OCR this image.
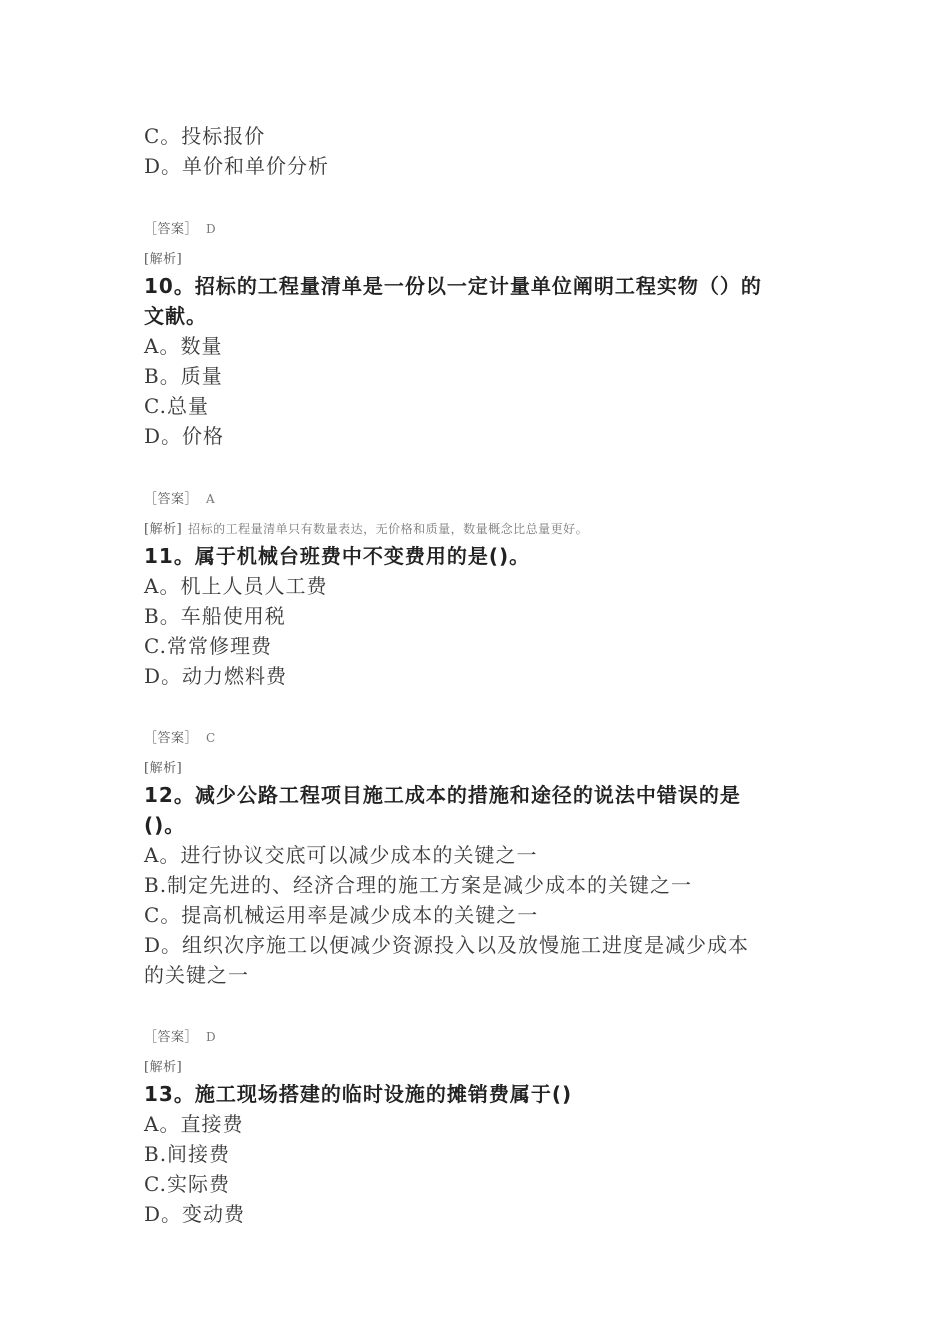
C。投标报价
D。单价和单价分析
［答案］ D
[解析]
10。招标的工程量清单是一份以一定计量单位阐明工程实物（）的
文献。
A。数量
B。质量
C.总量
D。价格
［答案］ A
[解析] 招标的工程量清单只有数量表达，无价格和质量，数量概念比总量更好。
11。属于机械台班费中不变费用的是()。
A。机上人员人工费
B。车船使用税
C.常常修理费
D。动力燃料费
［答案］ C
[解析]
12。减少公路工程项目施工成本的措施和途径的说法中错误的是
()。
A。进行协议交底可以减少成本的关键之一
B.制定先进的、经济合理的施工方案是减少成本的关键之一
C。提高机械运用率是减少成本的关键之一
D。组织次序施工以便减少资源投入以及放慢施工进度是减少成本
的关键之一
［答案］ D
[解析]
13。施工现场搭建的临时设施的摊销费属于()
A。直接费
B.间接费
C.实际费
D。变动费
